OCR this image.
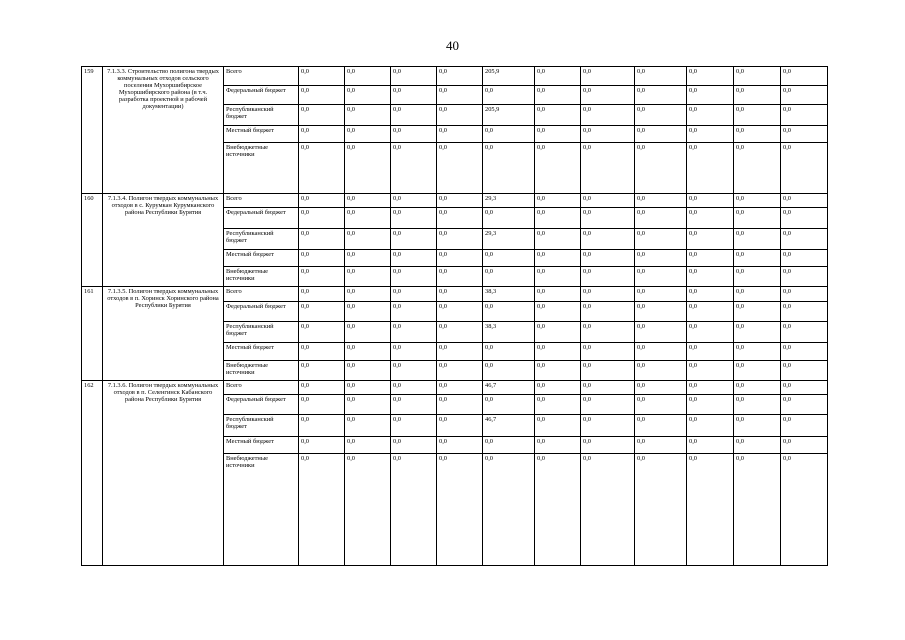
40
159	7.1.3.3. Строительство полигона твердых коммунальных отходов сельского поселения Мухоршибирское Мухоршибирского района (в т.ч. разработка проектной и рабочей документации)	Всего	0,0	0,0	0,0	0,0	205,9	0,0	0,0	0,0	0,0	0,0	0,0
		Федеральный бюджет	0,0	0,0	0,0	0,0	0,0	0,0	0,0	0,0	0,0	0,0	0,0
		Республиканский бюджет	0,0	0,0	0,0	0,0	205,9	0,0	0,0	0,0	0,0	0,0	0,0
		Местный бюджет	0,0	0,0	0,0	0,0	0,0	0,0	0,0	0,0	0,0	0,0	0,0
		Внебюджетные источники	0,0	0,0	0,0	0,0	0,0	0,0	0,0	0,0	0,0	0,0	0,0
160	7.1.3.4. Полигон твердых коммунальных отходов в с. Курумкан Курумканского района Республики Бурятия	Всего	0,0	0,0	0,0	0,0	29,3	0,0	0,0	0,0	0,0	0,0	0,0
		Федеральный бюджет	0,0	0,0	0,0	0,0	0,0	0,0	0,0	0,0	0,0	0,0	0,0
		Республиканский бюджет	0,0	0,0	0,0	0,0	29,3	0,0	0,0	0,0	0,0	0,0	0,0
		Местный бюджет	0,0	0,0	0,0	0,0	0,0	0,0	0,0	0,0	0,0	0,0	0,0
		Внебюджетные источники	0,0	0,0	0,0	0,0	0,0	0,0	0,0	0,0	0,0	0,0	0,0
161	7.1.3.5. Полигон твердых коммунальных отходов в п. Хоринск Хоринского района Республики Бурятия	Всего	0,0	0,0	0,0	0,0	38,3	0,0	0,0	0,0	0,0	0,0	0,0
		Федеральный бюджет	0,0	0,0	0,0	0,0	0,0	0,0	0,0	0,0	0,0	0,0	0,0
		Республиканский бюджет	0,0	0,0	0,0	0,0	38,3	0,0	0,0	0,0	0,0	0,0	0,0
		Местный бюджет	0,0	0,0	0,0	0,0	0,0	0,0	0,0	0,0	0,0	0,0	0,0
		Внебюджетные источники	0,0	0,0	0,0	0,0	0,0	0,0	0,0	0,0	0,0	0,0	0,0
162	7.1.3.6. Полигон твердых коммунальных отходов в п. Селенгинск Кабанского района Республики Бурятия	Всего	0,0	0,0	0,0	0,0	46,7	0,0	0,0	0,0	0,0	0,0	0,0
		Федеральный бюджет	0,0	0,0	0,0	0,0	0,0	0,0	0,0	0,0	0,0	0,0	0,0
		Республиканский бюджет	0,0	0,0	0,0	0,0	46,7	0,0	0,0	0,0	0,0	0,0	0,0
		Местный бюджет	0,0	0,0	0,0	0,0	0,0	0,0	0,0	0,0	0,0	0,0	0,0
		Внебюджетные источники	0,0	0,0	0,0	0,0	0,0	0,0	0,0	0,0	0,0	0,0	0,0
